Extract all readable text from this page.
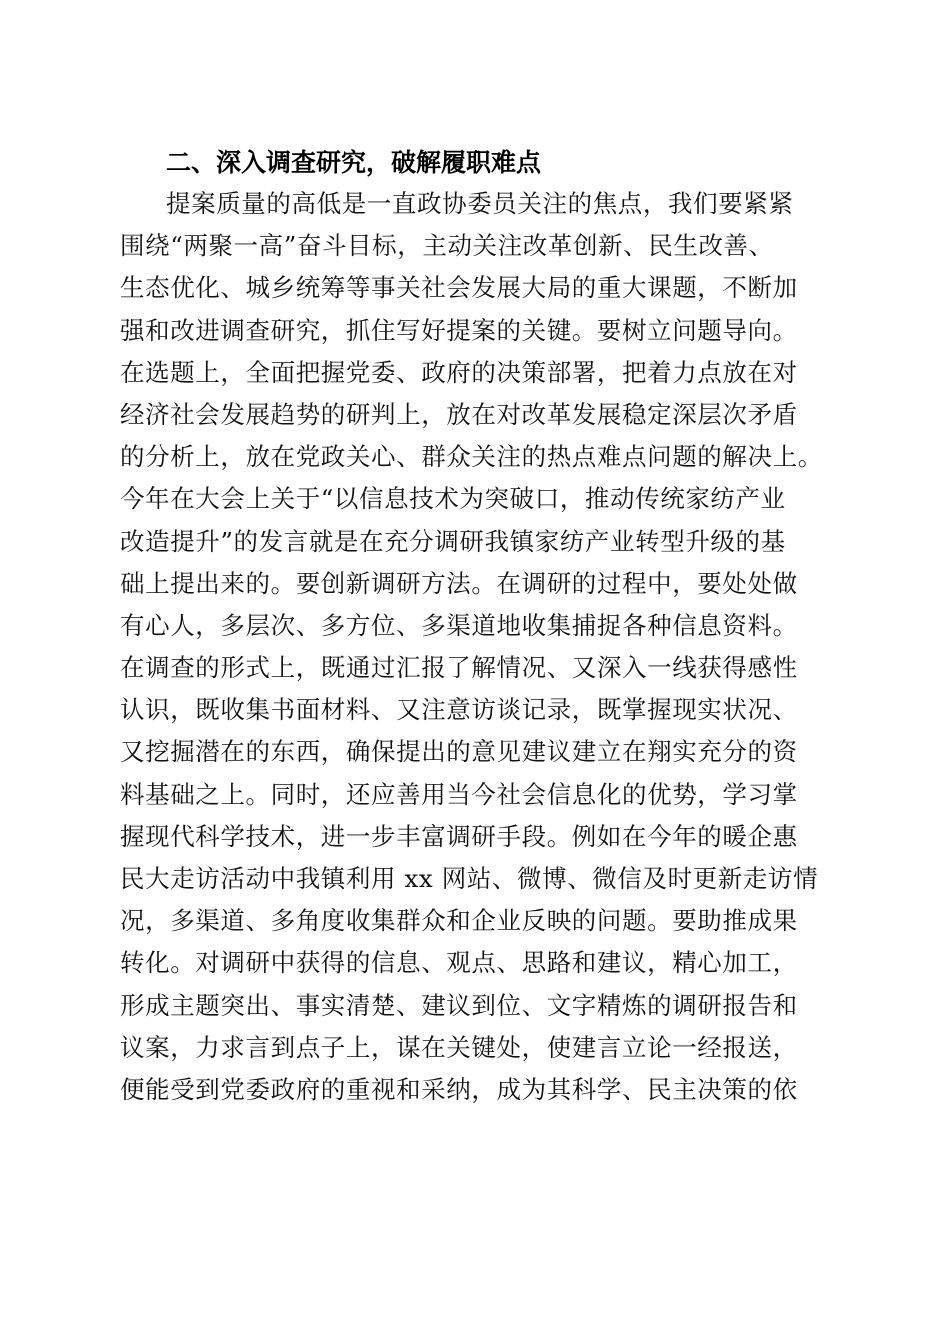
二、深入调查研究，破解履职难点
提案质量的高低是一直政协委员关注的焦点，我们要紧紧
围绕“两聚一高”奋斗目标，主动关注改革创新、民生改善、
生态优化、城乡统筹等事关社会发展大局的重大课题，不断加
强和改进调查研究，抓住写好提案的关键。要树立问题导向。
在选题上，全面把握党委、政府的决策部署，把着力点放在对
经济社会发展趋势的研判上，放在对改革发展稳定深层次矛盾
的分析上，放在党政关心、群众关注的热点难点问题的解决上。
今年在大会上关于“以信息技术为突破口，推动传统家纺产业
改造提升”的发言就是在充分调研我镇家纺产业转型升级的基
础上提出来的。要创新调研方法。在调研的过程中，要处处做
有心人，多层次、多方位、多渠道地收集捕捉各种信息资料。
在调查的形式上，既通过汇报了解情况、又深入一线获得感性
认识，既收集书面材料、又注意访谈记录，既掌握现实状况、
又挖掘潜在的东西，确保提出的意见建议建立在翔实充分的资
料基础之上。同时，还应善用当今社会信息化的优势，学习掌
握现代科学技术，进一步丰富调研手段。例如在今年的暖企惠
民大走访活动中我镇利用 xx 网站、微博、微信及时更新走访情
况，多渠道、多角度收集群众和企业反映的问题。要助推成果
转化。对调研中获得的信息、观点、思路和建议，精心加工，
形成主题突出、事实清楚、建议到位、文字精炼的调研报告和
议案，力求言到点子上，谋在关键处，使建言立论一经报送，
便能受到党委政府的重视和采纳，成为其科学、民主决策的依
